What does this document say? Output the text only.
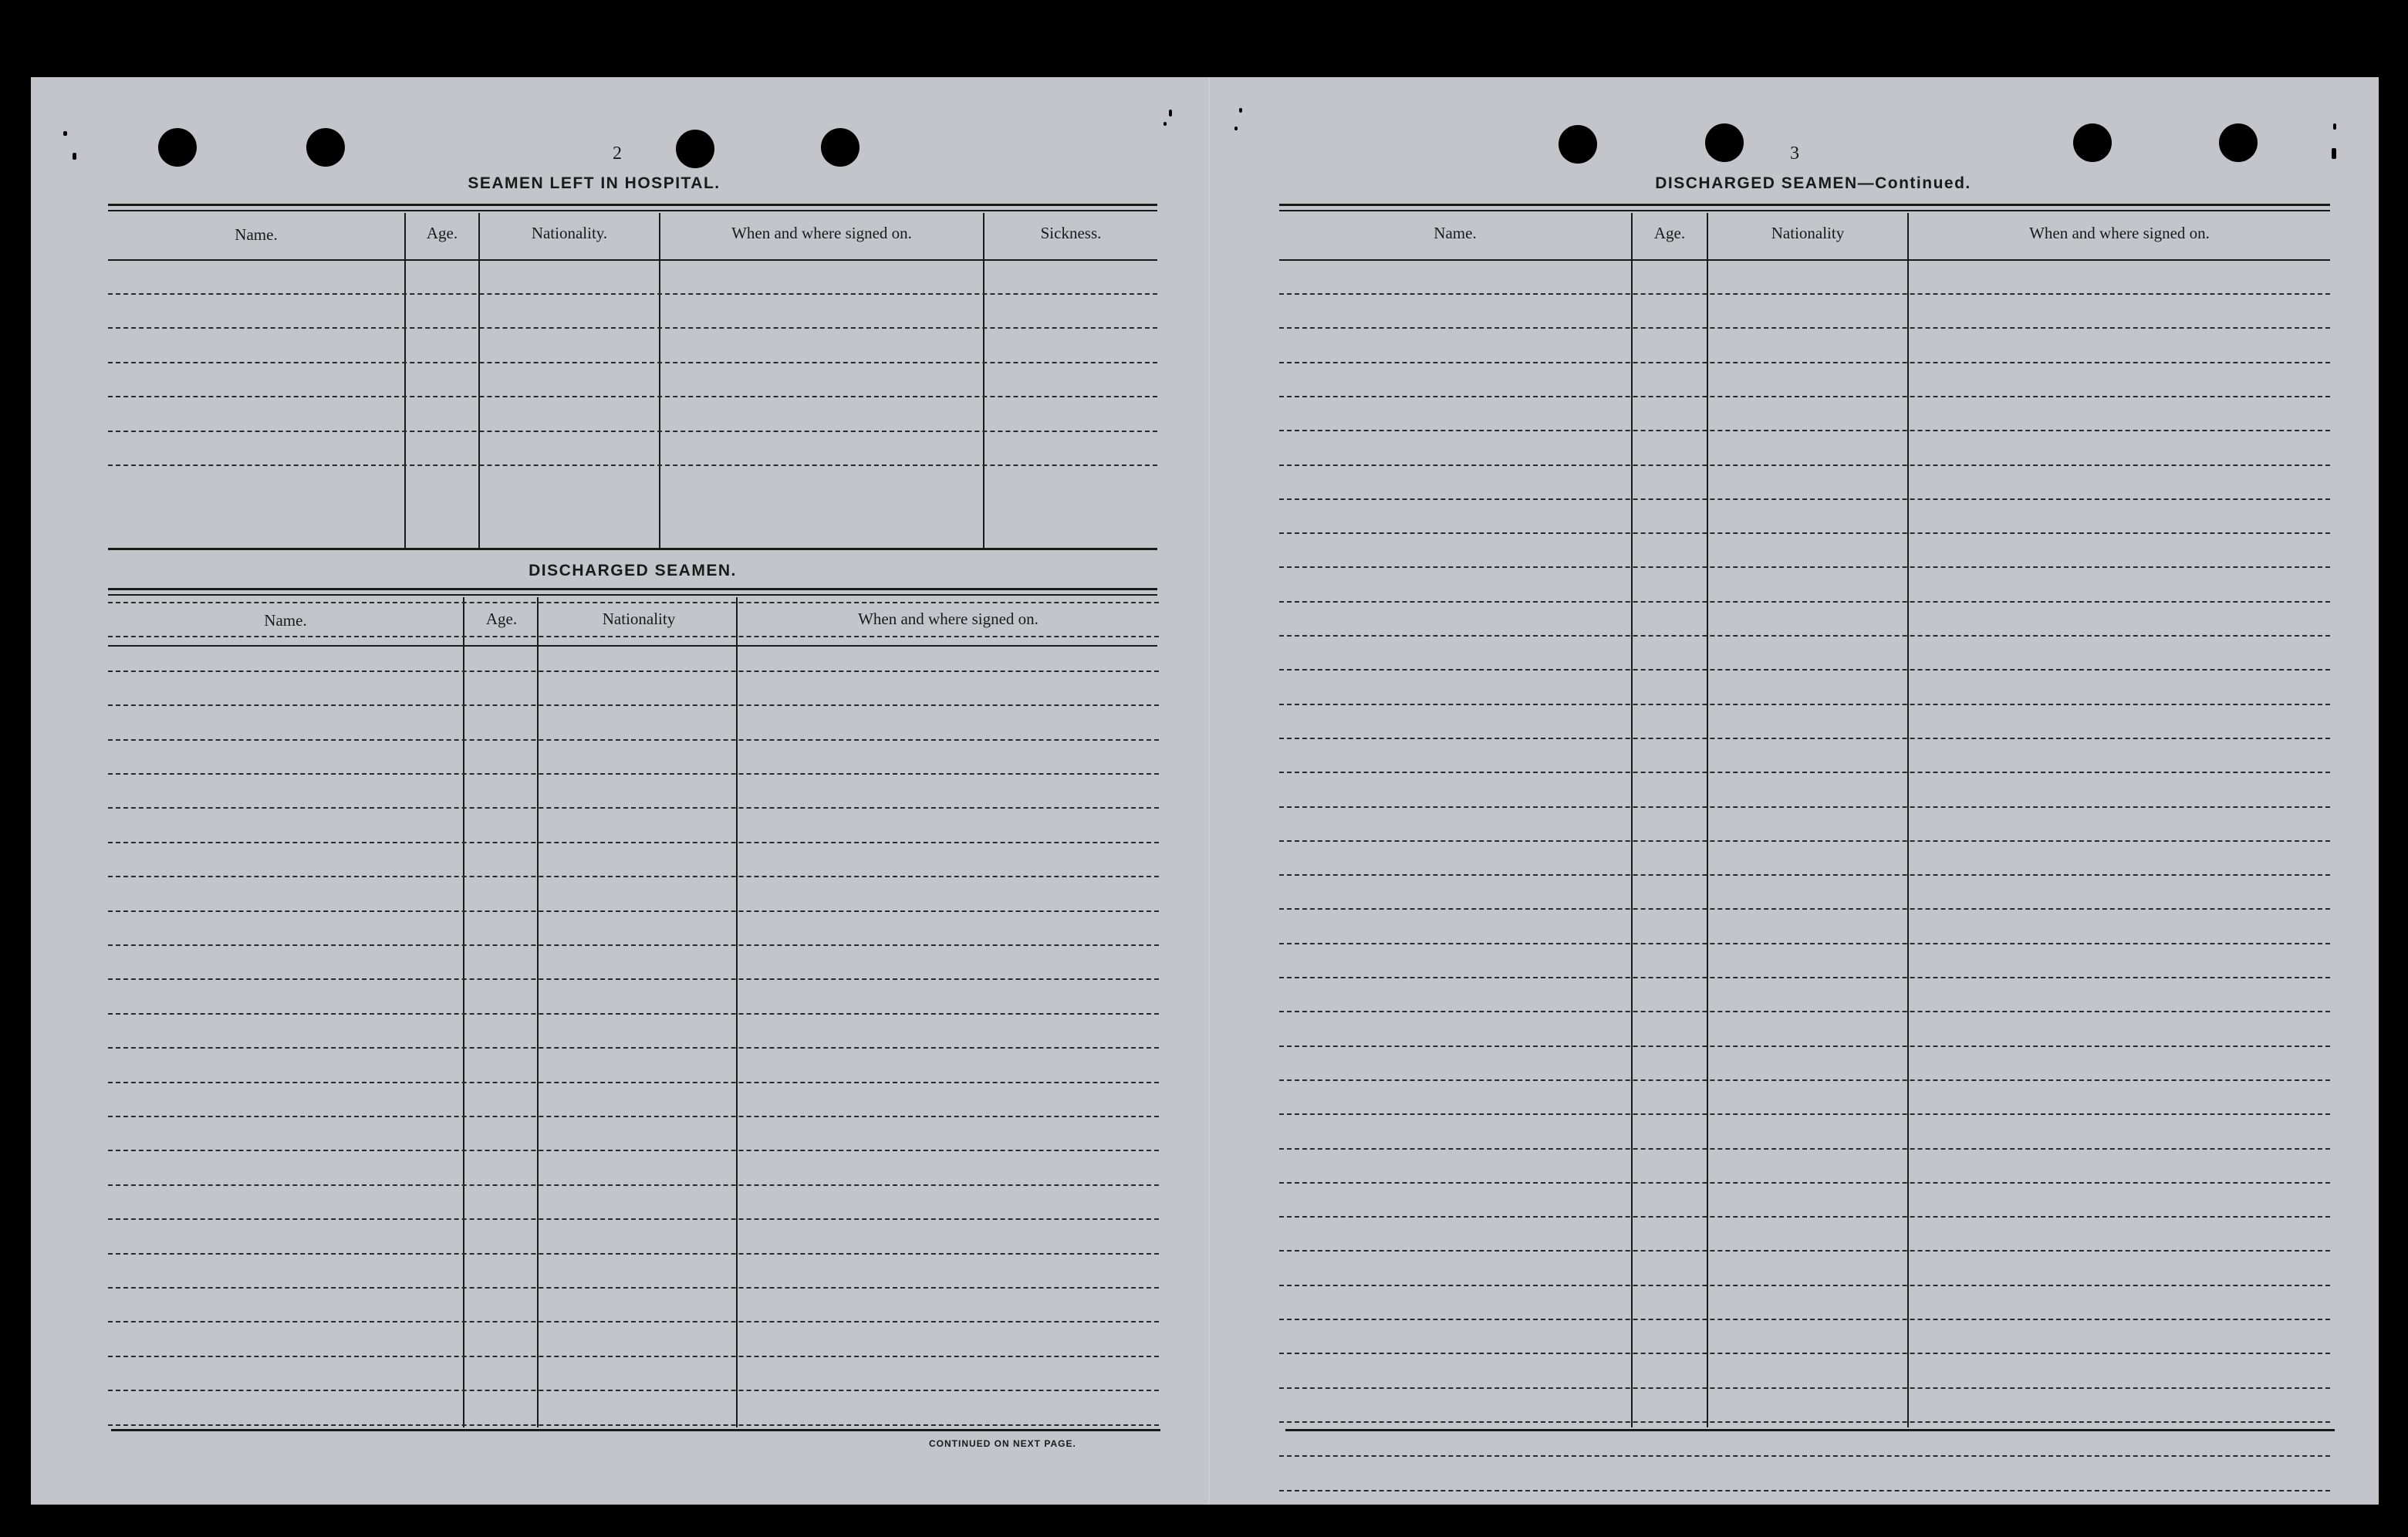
2
SEAMEN LEFT IN HOSPITAL.
Name.	Age.	Nationality.	When and where signed on.	Sickness.
DISCHARGED SEAMEN.
Name.	Age.	Nationality	When and where signed on.
CONTINUED ON NEXT PAGE.
3
DISCHARGED SEAMEN—Continued.
Name.	Age.	Nationality	When and where signed on.
